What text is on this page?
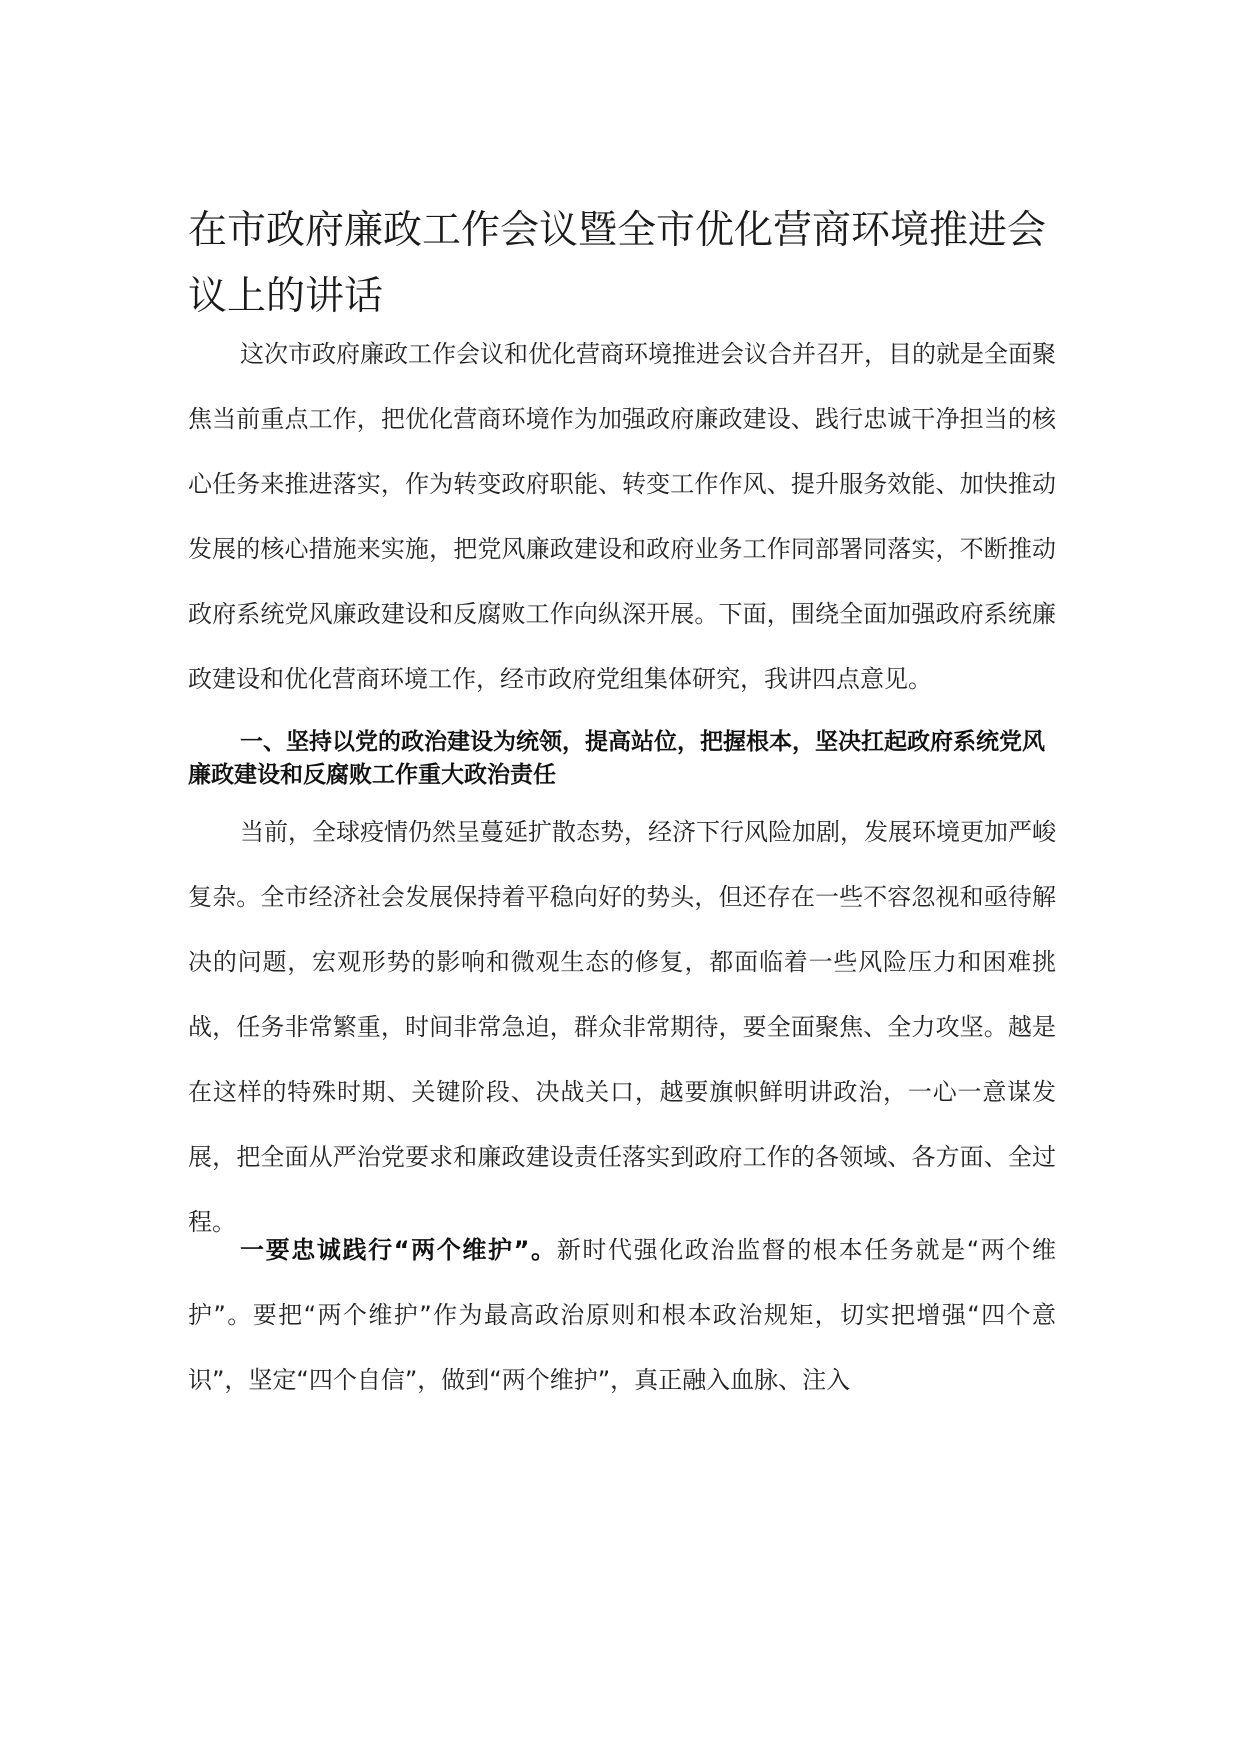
在市政府廉政工作会议暨全市优化营商环境推进会议上的讲话

这次市政府廉政工作会议和优化营商环境推进会议合并召开，目的就是全面聚焦当前重点工作，把优化营商环境作为加强政府廉政建设、践行忠诚干净担当的核心任务来推进落实，作为转变政府职能、转变工作作风、提升服务效能、加快推动发展的核心措施来实施，把党风廉政建设和政府业务工作同部署同落实，不断推动政府系统党风廉政建设和反腐败工作向纵深开展。下面，围绕全面加强政府系统廉政建设和优化营商环境工作，经市政府党组集体研究，我讲四点意见。

一、坚持以党的政治建设为统领，提高站位，把握根本，坚决扛起政府系统党风廉政建设和反腐败工作重大政治责任

当前，全球疫情仍然呈蔓延扩散态势，经济下行风险加剧，发展环境更加严峻复杂。全市经济社会发展保持着平稳向好的势头，但还存在一些不容忽视和亟待解决的问题，宏观形势的影响和微观生态的修复，都面临着一些风险压力和困难挑战，任务非常繁重，时间非常急迫，群众非常期待，要全面聚焦、全力攻坚。越是在这样的特殊时期、关键阶段、决战关口，越要旗帜鲜明讲政治，一心一意谋发展，把全面从严治党要求和廉政建设责任落实到政府工作的各领域、各方面、全过程。

一要忠诚践行“两个维护”。新时代强化政治监督的根本任务就是“两个维护”。要把“两个维护”作为最高政治原则和根本政治规矩，切实把增强“四个意识”，坚定“四个自信”，做到“两个维护”，真正融入血脉、注入
